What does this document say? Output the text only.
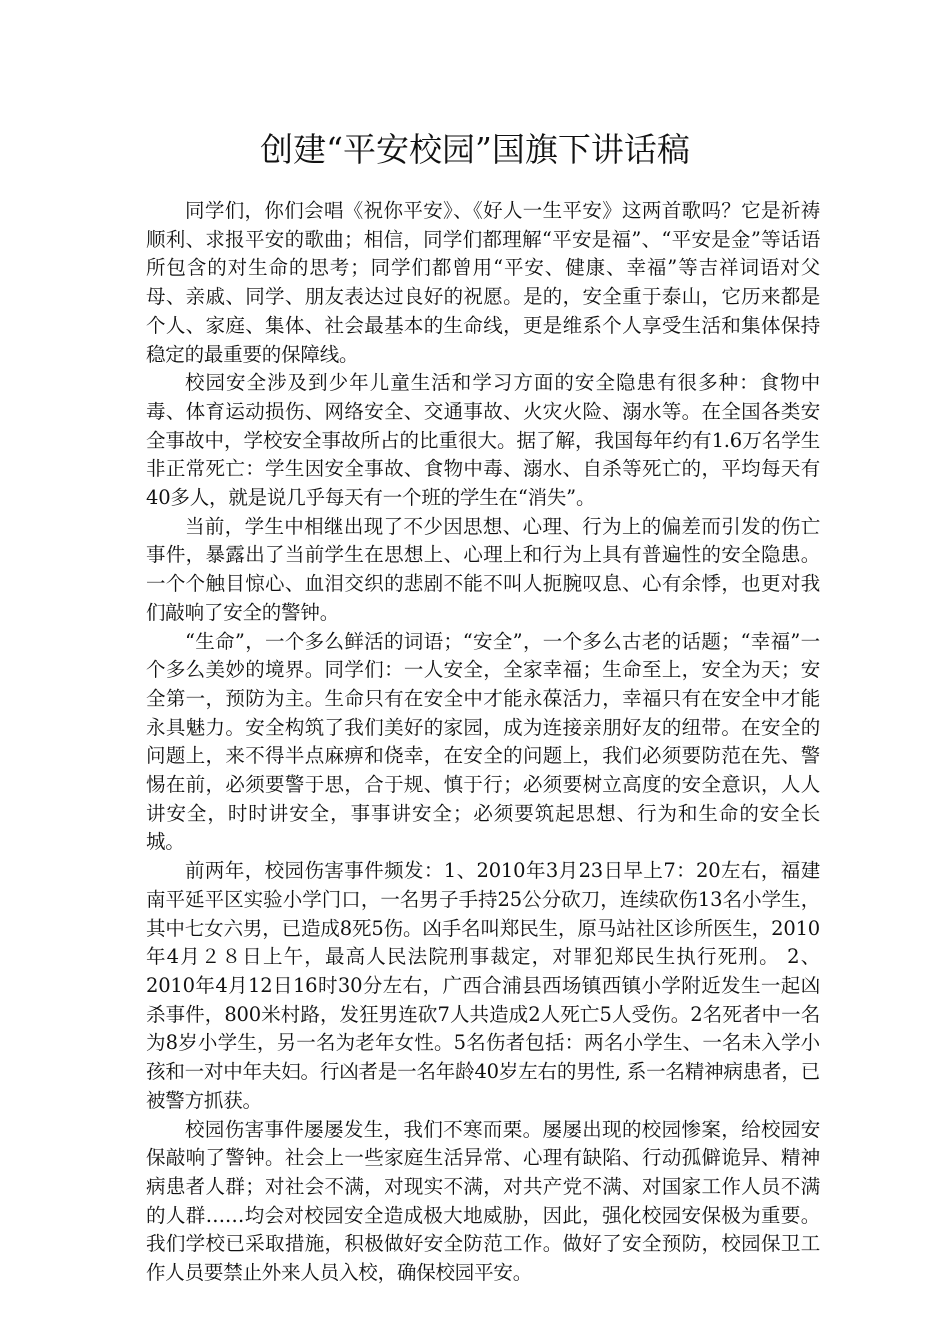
创建“平安校园”国旗下讲话稿

同学们，你们会唱《祝你平安》、《好人一生平安》这两首歌吗？它是祈祷顺利、求报平安的歌曲；相信，同学们都理解“平安是福”、“平安是金”等话语所包含的对生命的思考；同学们都曾用“平安、健康、幸福”等吉祥词语对父母、亲戚、同学、朋友表达过良好的祝愿。是的，安全重于泰山，它历来都是个人、家庭、集体、社会最基本的生命线，更是维系个人享受生活和集体保持稳定的最重要的保障线。

校园安全涉及到少年儿童生活和学习方面的安全隐患有很多种：食物中毒、体育运动损伤、网络安全、交通事故、火灾火险、溺水等。在全国各类安全事故中，学校安全事故所占的比重很大。据了解，我国每年约有1.6万名学生非正常死亡：学生因安全事故、食物中毒、溺水、自杀等死亡的，平均每天有40多人，就是说几乎每天有一个班的学生在“消失”。

当前，学生中相继出现了不少因思想、心理、行为上的偏差而引发的伤亡事件，暴露出了当前学生在思想上、心理上和行为上具有普遍性的安全隐患。一个个触目惊心、血泪交织的悲剧不能不叫人扼腕叹息、心有余悸，也更对我们敲响了安全的警钟。

“生命”，一个多么鲜活的词语；“安全”，一个多么古老的话题；“幸福”一个多么美妙的境界。同学们：一人安全，全家幸福；生命至上，安全为天；安全第一，预防为主。生命只有在安全中才能永葆活力，幸福只有在安全中才能永具魅力。安全构筑了我们美好的家园，成为连接亲朋好友的纽带。在安全的问题上，来不得半点麻痹和侥幸，在安全的问题上，我们必须要防范在先、警惕在前，必须要警于思，合于规、慎于行；必须要树立高度的安全意识，人人讲安全，时时讲安全，事事讲安全；必须要筑起思想、行为和生命的安全长城。

前两年，校园伤害事件频发：1、2010年3月23日早上7：20左右，福建南平延平区实验小学门口，一名男子手持25公分砍刀，连续砍伤13名小学生，其中七女六男，已造成8死5伤。凶手名叫郑民生，原马站社区诊所医生，2010年4月２８日上午，最高人民法院刑事裁定，对罪犯郑民生执行死刑。 2、2010年4月12日16时30分左右，广西合浦县西场镇西镇小学附近发生一起凶杀事件，800米村路，发狂男连砍7人共造成2人死亡5人受伤。2名死者中一名为8岁小学生，另一名为老年女性。5名伤者包括：两名小学生、一名未入学小孩和一对中年夫妇。行凶者是一名年龄40岁左右的男性, 系一名精神病患者，已被警方抓获。

校园伤害事件屡屡发生，我们不寒而栗。屡屡出现的校园惨案，给校园安保敲响了警钟。社会上一些家庭生活异常、心理有缺陷、行动孤僻诡异、精神病患者人群；对社会不满，对现实不满，对共产党不满、对国家工作人员不满的人群……均会对校园安全造成极大地威胁，因此，强化校园安保极为重要。我们学校已采取措施，积极做好安全防范工作。做好了安全预防，校园保卫工作人员要禁止外来人员入校，确保校园平安。
